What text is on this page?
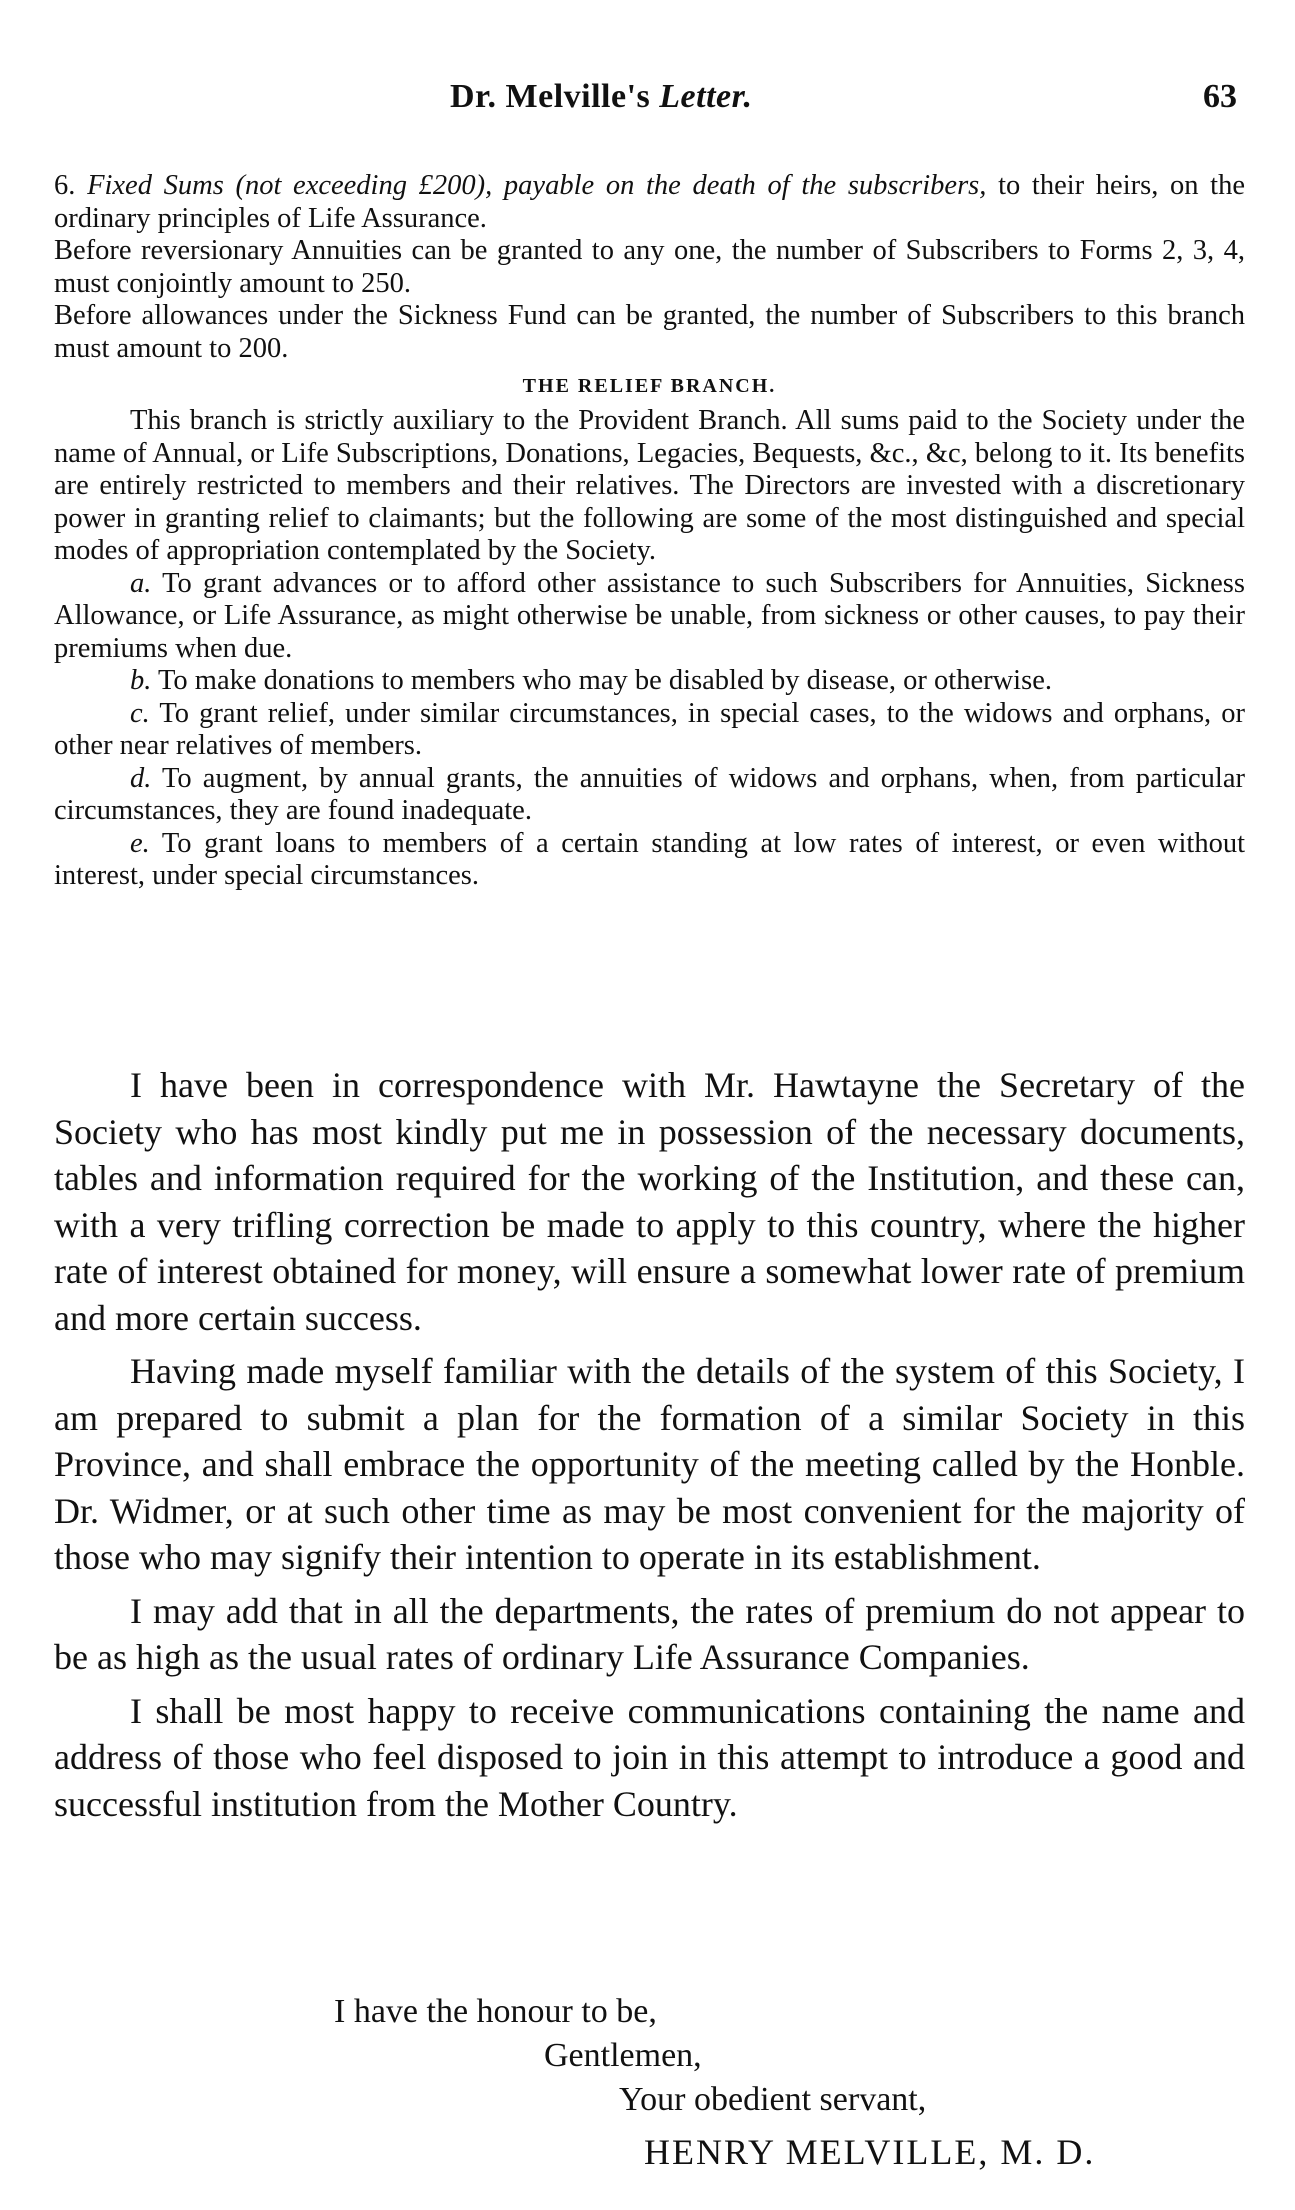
Dr. Melville's Letter.	63

6. Fixed Sums (not exceeding £200), payable on the death of the subscribers, to their heirs, on the ordinary principles of Life Assurance.

Before reversionary Annuities can be granted to any one, the number of Subscribers to Forms 2, 3, 4, must conjointly amount to 250.

Before allowances under the Sickness Fund can be granted, the number of Subscribers to this branch must amount to 200.

THE RELIEF BRANCH.

This branch is strictly auxiliary to the Provident Branch. All sums paid to the Society under the name of Annual, or Life Subscriptions, Donations, Legacies, Bequests, &c., &c, belong to it. Its benefits are entirely restricted to members and their relatives. The Directors are invested with a discretionary power in granting relief to claimants; but the following are some of the most distinguished and special modes of appropriation contemplated by the Society.

a. To grant advances or to afford other assistance to such Subscribers for Annuities, Sickness Allowance, or Life Assurance, as might otherwise be unable, from sickness or other causes, to pay their premiums when due.

b. To make donations to members who may be disabled by disease, or otherwise.

c. To grant relief, under similar circumstances, in special cases, to the widows and orphans, or other near relatives of members.

d. To augment, by annual grants, the annuities of widows and orphans, when, from particular circumstances, they are found inadequate.

e. To grant loans to members of a certain standing at low rates of interest, or even without interest, under special circumstances.

I have been in correspondence with Mr. Hawtayne the Secretary of the Society who has most kindly put me in possession of the necessary documents, tables and information required for the working of the Institution, and these can, with a very trifling correction be made to apply to this country, where the higher rate of interest obtained for money, will ensure a somewhat lower rate of premium and more certain success.

Having made myself familiar with the details of the system of this Society, I am prepared to submit a plan for the formation of a similar Society in this Province, and shall embrace the opportunity of the meeting called by the Honble. Dr. Widmer, or at such other time as may be most convenient for the majority of those who may signify their intention to operate in its establishment.

I may add that in all the departments, the rates of premium do not appear to be as high as the usual rates of ordinary Life Assurance Companies.

I shall be most happy to receive communications containing the name and address of those who feel disposed to join in this attempt to introduce a good and successful institution from the Mother Country.

I have the honour to be,
Gentlemen,
Your obedient servant,
HENRY MELVILLE, M. D.
